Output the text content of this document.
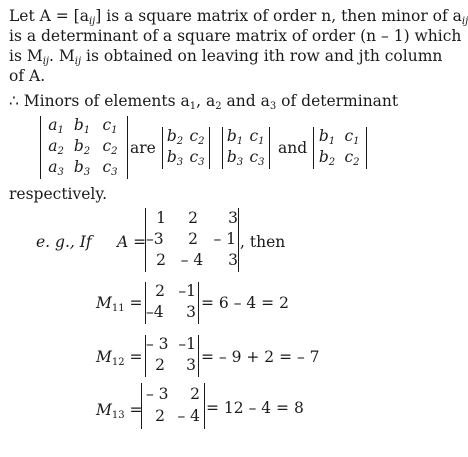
Let $A = [a_{ij}]$ is a square matrix of order n, then minor of $a_{ij}$
is a determinant of a square matrix of order (n – 1) which
is $M_{ij}$. $M_{ij}$ is obtained on leaving ith row and jth column
of A.
∴ Minors of elements $a_1$, $a_2$ and $a_3$ of determinant
$a_1$ $b_1$ $c_1$
$a_2$ $b_2$ $c_2$
$a_3$ $b_3$ $c_3$
are
$b_2$ $c_2$
$b_3$ $c_3$
$b_1$ $c_1$
$b_3$ $c_3$
and
$b_1$ $c_1$
$b_2$ $c_2$
respectively.
e. g., If A =
1	2	3
–3	2	– 1
2 – 4	3
, then
$M_{11}$ =
2 –1
–4	3 = 6 – 4 = 2
$M_{12}$ =
– 3 –1
2	3 = – 9 + 2 = – 7
$M_{13}$ =
– 3	2
2 – 4 = 12 – 4 = 8
